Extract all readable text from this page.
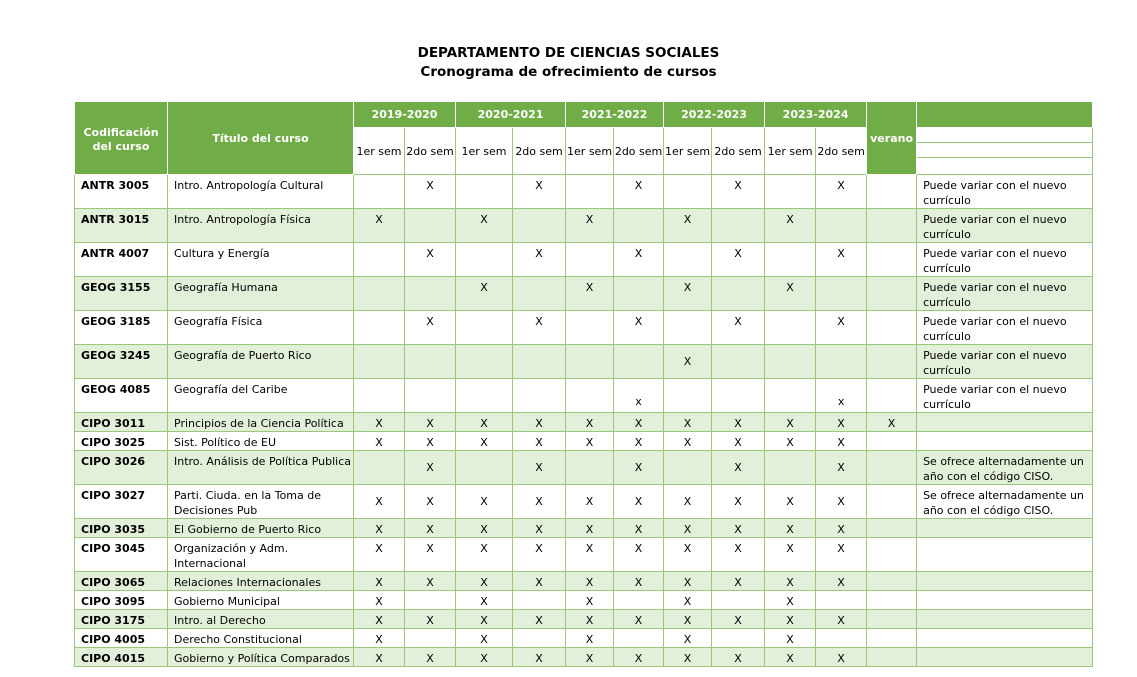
DEPARTAMENTO DE CIENCIAS SOCIALES
Cronograma de ofrecimiento de cursos
Codificación del curso	Título del curso	2019-2020		2020-2021		2021-2022		2022-2023		2023-2024		verano	
		1er sem	2do sem	1er sem	2do sem	1er sem	2do sem	1er sem	2do sem	1er sem	2do sem		

ANTR 3005	Intro. Antropología Cultural		X		X		X		X		X		Puede variar con el nuevo currículo
ANTR 3015	Intro. Antropología Física	X		X		X		X		X			Puede variar con el nuevo currículo
ANTR 4007	Cultura y Energía		X		X		X		X		X		Puede variar con el nuevo currículo
GEOG 3155	Geografía Humana			X		X		X		X			Puede variar con el nuevo currículo
GEOG 3185	Geografía Física		X		X		X		X		X		Puede variar con el nuevo currículo
GEOG 3245	Geografía de Puerto Rico							X					Puede variar con el nuevo currículo
GEOG 4085	Geografía del Caribe						x				x		Puede variar con el nuevo currículo
CIPO 3011	Principios de la Ciencia Política	X	X	X	X	X	X	X	X	X	X	X	
CIPO 3025	Sist. Político de EU	X	X	X	X	X	X	X	X	X	X		
CIPO 3026	Intro. Análisis de Política Publica		X		X		X		X		X		Se ofrece alternadamente un año con el código CISO.
CIPO 3027	Parti. Ciuda. en la Toma de Decisiones Pub	X	X	X	X	X	X	X	X	X	X		Se ofrece alternadamente un año con el código CISO.
CIPO 3035	El Gobierno de Puerto Rico	X	X	X	X	X	X	X	X	X	X		
CIPO 3045	Organización y Adm. Internacional	X	X	X	X	X	X	X	X	X	X		
CIPO 3065	Relaciones Internacionales	X	X	X	X	X	X	X	X	X	X		
CIPO 3095	Gobierno Municipal	X		X		X		X		X			
CIPO 3175	Intro. al Derecho	X	X	X	X	X	X	X	X	X	X		
CIPO 4005	Derecho Constitucional	X		X		X		X		X			
CIPO 4015	Gobierno y Política Comparados	X	X	X	X	X	X	X	X	X	X		
